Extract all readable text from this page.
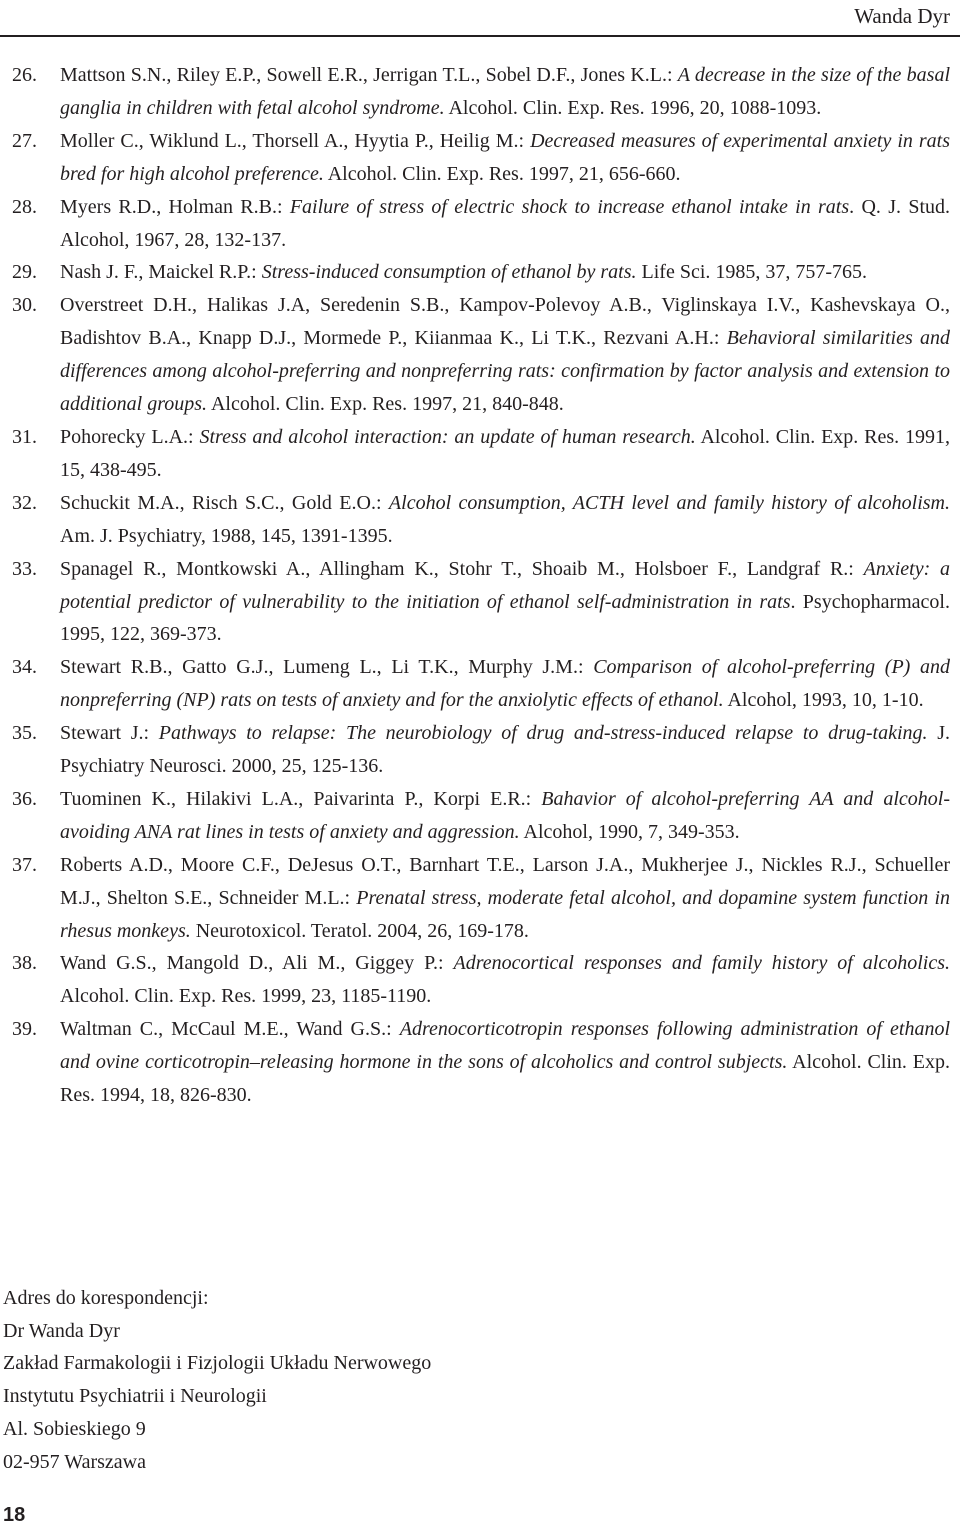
Wanda Dyr
26. Mattson S.N., Riley E.P., Sowell E.R., Jerrigan T.L., Sobel D.F., Jones K.L.: A decrease in the size of the basal ganglia in children with fetal alcohol syndrome. Alcohol. Clin. Exp. Res. 1996, 20, 1088-1093.
27. Moller C., Wiklund L., Thorsell A., Hyytia P., Heilig M.: Decreased measures of experimental anxiety in rats bred for high alcohol preference. Alcohol. Clin. Exp. Res. 1997, 21, 656-660.
28. Myers R.D., Holman R.B.: Failure of stress of electric shock to increase ethanol intake in rats. Q. J. Stud. Alcohol, 1967, 28, 132-137.
29. Nash J. F., Maickel R.P.: Stress-induced consumption of ethanol by rats. Life Sci. 1985, 37, 757-765.
30. Overstreet D.H., Halikas J.A, Seredenin S.B., Kampov-Polevoy A.B., Viglinskaya I.V., Kashevskaya O., Badishtov B.A., Knapp D.J., Mormede P., Kiianmaa K., Li T.K., Rezvani A.H.: Behavioral similarities and differences among alcohol-preferring and nonpreferring rats: confirmation by factor analysis and extension to additional groups. Alcohol. Clin. Exp. Res. 1997, 21, 840-848.
31. Pohorecky L.A.: Stress and alcohol interaction: an update of human research. Alcohol. Clin. Exp. Res. 1991, 15, 438-495.
32. Schuckit M.A., Risch S.C., Gold E.O.: Alcohol consumption, ACTH level and family history of alcoholism. Am. J. Psychiatry, 1988, 145, 1391-1395.
33. Spanagel R., Montkowski A., Allingham K., Stohr T., Shoaib M., Holsboer F., Landgraf R.: Anxiety: a potential predictor of vulnerability to the initiation of ethanol self-administration in rats. Psychopharmacol. 1995, 122, 369-373.
34. Stewart R.B., Gatto G.J., Lumeng L., Li T.K., Murphy J.M.: Comparison of alcohol-preferring (P) and nonpreferring (NP) rats on tests of anxiety and for the anxiolytic effects of ethanol. Alcohol, 1993, 10, 1-10.
35. Stewart J.: Pathways to relapse: The neurobiology of drug and-stress-induced relapse to drug-taking. J. Psychiatry Neurosci. 2000, 25, 125-136.
36. Tuominen K., Hilakivi L.A., Paivarinta P., Korpi E.R.: Bahavior of alcohol-preferring AA and alcohol-avoiding ANA rat lines in tests of anxiety and aggression. Alcohol, 1990, 7, 349-353.
37. Roberts A.D., Moore C.F., DeJesus O.T., Barnhart T.E., Larson J.A., Mukherjee J., Nickles R.J., Schueller M.J., Shelton S.E., Schneider M.L.: Prenatal stress, moderate fetal alcohol, and dopamine system function in rhesus monkeys. Neurotoxicol. Teratol. 2004, 26, 169-178.
38. Wand G.S., Mangold D., Ali M., Giggey P.: Adrenocortical responses and family history of alcoholics. Alcohol. Clin. Exp. Res. 1999, 23, 1185-1190.
39. Waltman C., McCaul M.E., Wand G.S.: Adrenocorticotropin responses following administration of ethanol and ovine corticotropin–releasing hormone in the sons of alcoholics and control subjects. Alcohol. Clin. Exp. Res. 1994, 18, 826-830.
Adres do korespondencji:
Dr Wanda Dyr
Zakład Farmakologii i Fizjologii Układu Nerwowego
Instytutu Psychiatrii i Neurologii
Al. Sobieskiego 9
02-957 Warszawa
18
